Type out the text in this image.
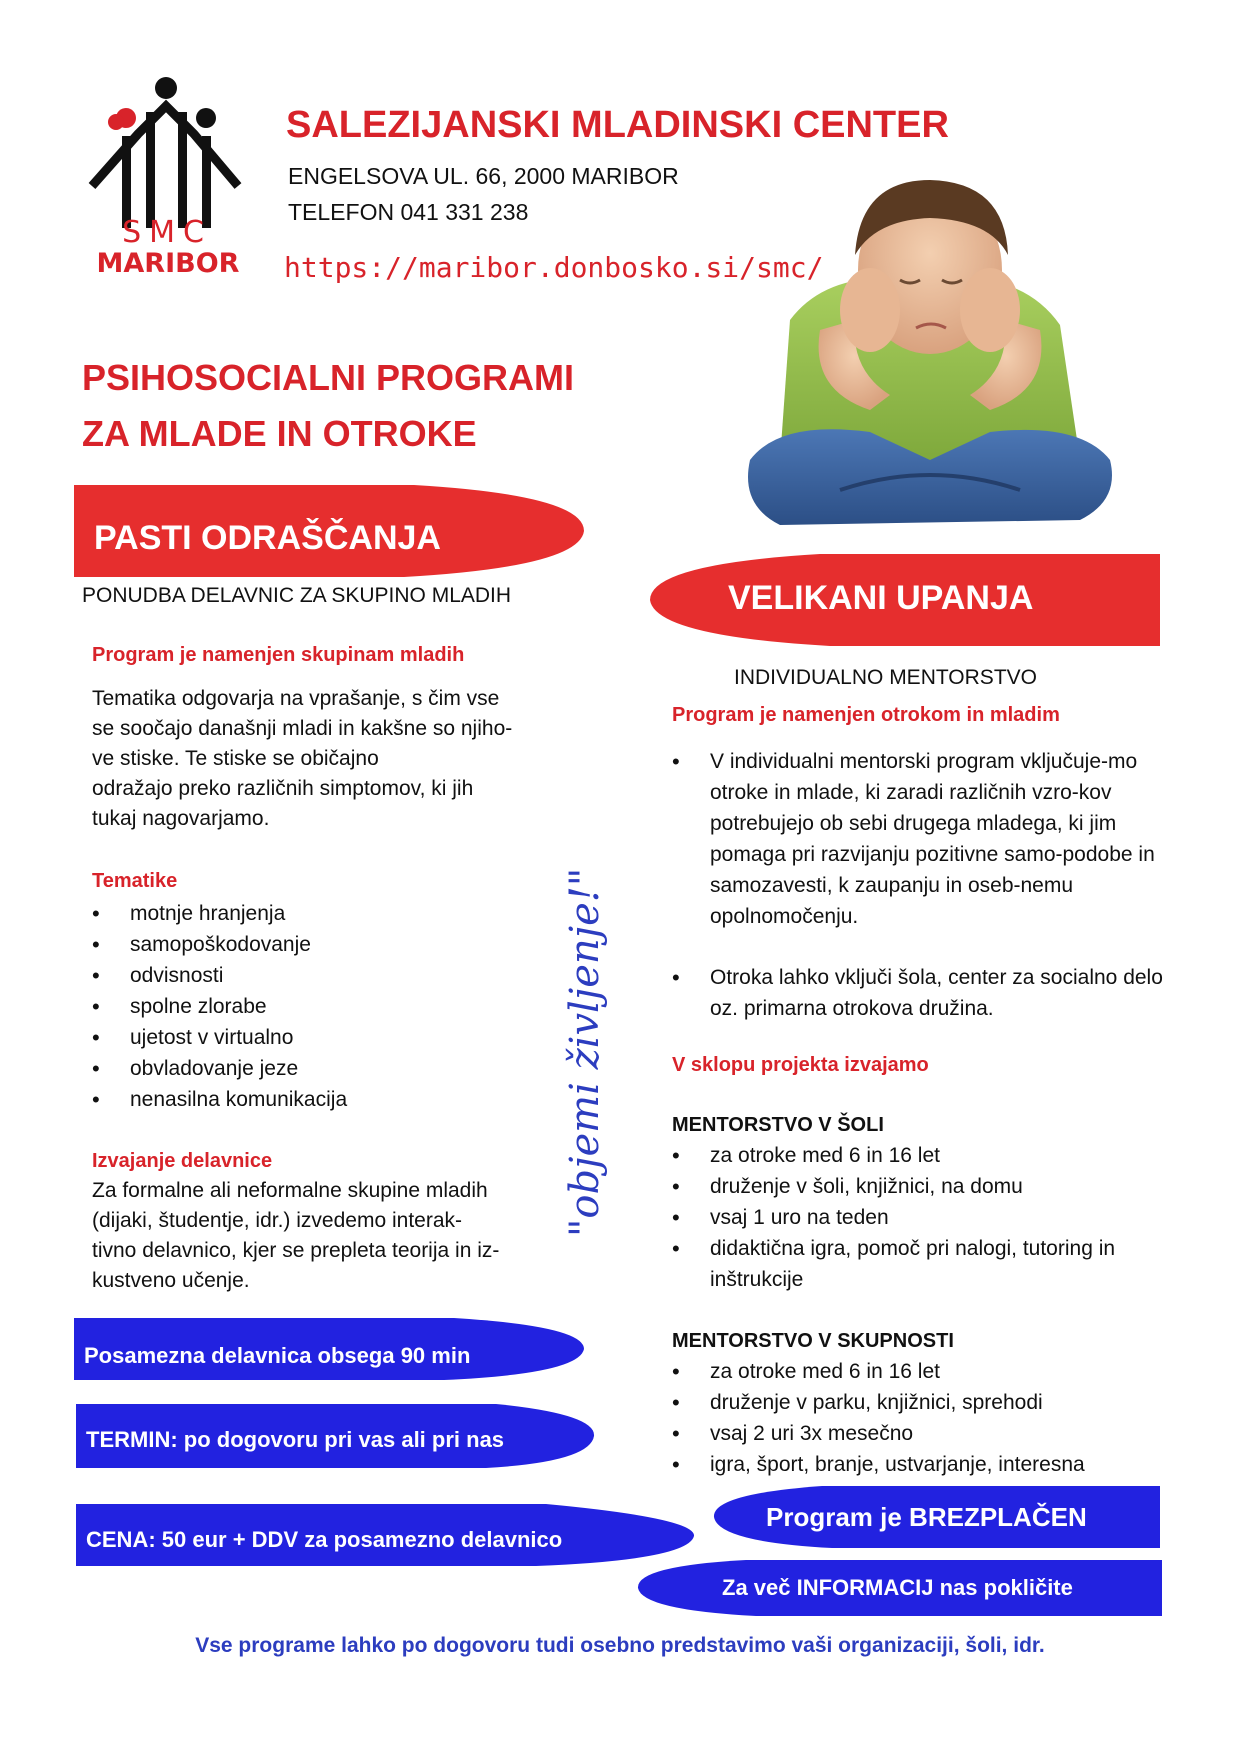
SMC
MARIBOR
SALEZIJANSKI MLADINSKI CENTER
ENGELSOVA UL. 66, 2000 MARIBOR
TELEFON 041 331 238
https://maribor.donbosko.si/smc/
PSIHOSOCIALNI PROGRAMI
ZA MLADE IN OTROKE
PASTI ODRAŠČANJA
PONUDBA DELAVNIC ZA SKUPINO MLADIH
Program je namenjen skupinam mladih
Tematika odgovarja na vprašanje, s čim vse
se soočajo današnji mladi in kakšne so njiho-
ve stiske. Te stiske se običajno
odražajo preko različnih simptomov, ki jih
tukaj nagovarjamo.
Tematike
• motnje hranjenja
• samopoškodovanje
• odvisnosti
• spolne zlorabe
• ujetost v virtualno
• obvladovanje jeze
• nenasilna komunikacija
Izvajanje delavnice
Za formalne ali neformalne skupine mladih
(dijaki, študentje, idr.) izvedemo interak-
tivno delavnico, kjer se prepleta teorija in iz-
kustveno učenje.
"objemi življenje!"
Posamezna delavnica obsega 90 min
TERMIN: po dogovoru pri vas ali pri nas
CENA: 50 eur + DDV za posamezno delavnico
VELIKANI UPANJA
INDIVIDUALNO MENTORSTVO
Program je namenjen otrokom in mladim
• V individualni mentorski program vključuje-mo otroke in mlade, ki zaradi različnih vzro-kov potrebujejo ob sebi drugega mladega, ki jim pomaga pri razvijanju pozitivne samo-podobe in samozavesti, k zaupanju in oseb-nemu opolnomočenju.
• Otroka lahko vključi šola, center za socialno delo oz. primarna otrokova družina.
V sklopu projekta izvajamo
MENTORSTVO V ŠOLI
• za otroke med 6 in 16 let
• druženje v šoli, knjižnici, na domu
• vsaj 1 uro na teden
• didaktična igra, pomoč pri nalogi, tutoring in inštrukcije
MENTORSTVO V SKUPNOSTI
• za otroke med 6 in 16 let
• druženje v parku, knjižnici, sprehodi
• vsaj 2 uri 3x mesečno
• igra, šport, branje, ustvarjanje, interesna
Program je BREZPLAČEN
Za več INFORMACIJ nas pokličite
Vse programe lahko po dogovoru tudi osebno predstavimo vaši organizaciji, šoli, idr.
